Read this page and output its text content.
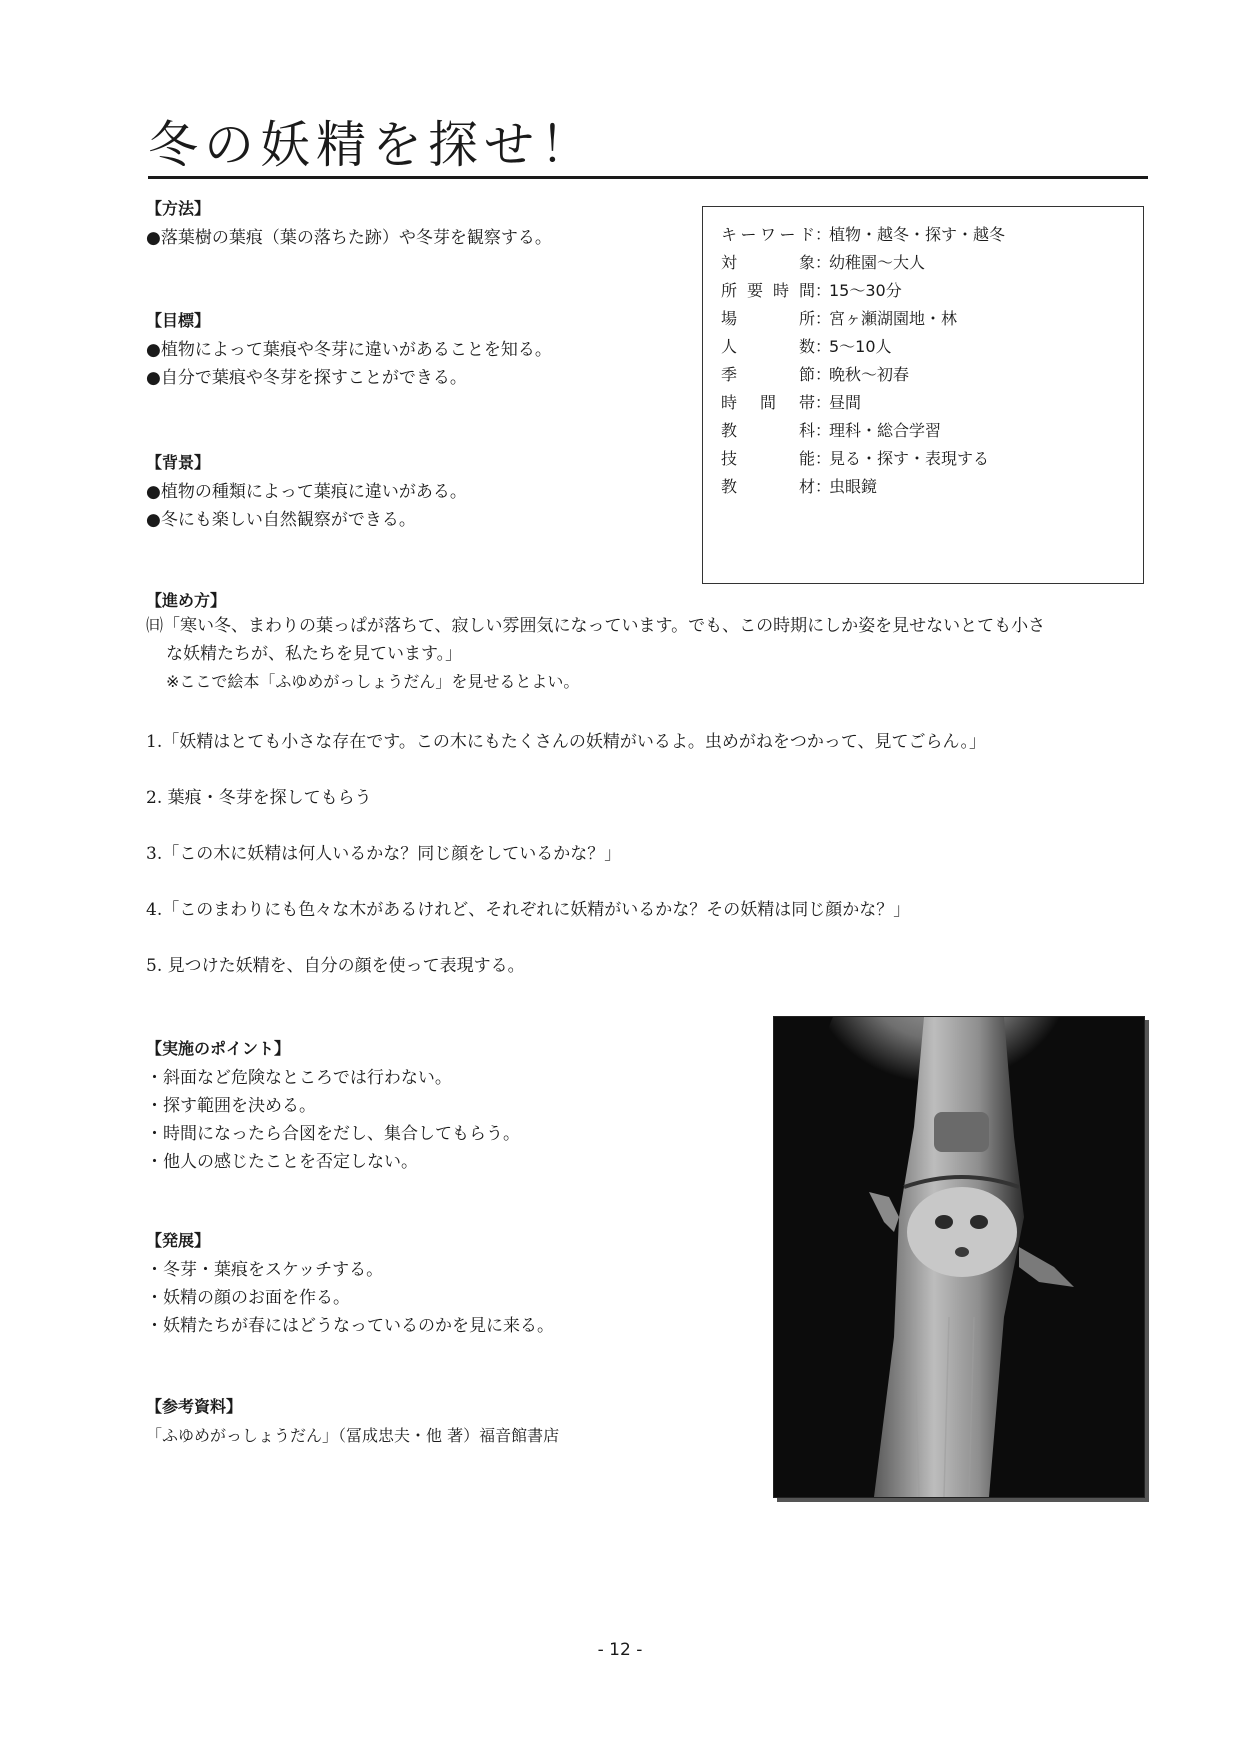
冬の妖精を探せ！
【方法】

● 落葉樹の葉痕（葉の落ちた跡）や冬芽を観察する。

【目標】

● 植物によって葉痕や冬芽に違いがあることを知る。

● 自分で葉痕や冬芽を探すことができる。

【背景】

● 植物の種類によって葉痕に違いがある。

● 冬にも楽しい自然観察ができる。

キーワード ：
植物・越冬・探す・越冬
対象 ：
幼稚園～大人
所要時間 ：
15～30分
場所 ：
宮ヶ瀬湖園地・林
人数 ：
5～10人
季節 ：
晩秋～初春
時間帯 ：
昼間
教科 ：
理科・総合学習
技能 ：
見る・探す・表現する
教材 ：
虫眼鏡
【進め方】

㈰「寒い冬、まわりの葉っぱが落ちて、寂しい雰囲気になっています。でも、この時期にしか姿を見せないとても小さ

な妖精たちが、私たちを見ています。」

※ここで絵本「ふゆめがっしょうだん」を見せるとよい。

1.「妖精はとても小さな存在です。この木にもたくさんの妖精がいるよ。虫めがねをつかって、見てごらん。」

2. 葉痕・冬芽を探してもらう

3.「この木に妖精は何人いるかな？同じ顔をしているかな？」

4.「このまわりにも色々な木があるけれど、それぞれに妖精がいるかな？その妖精は同じ顔かな？」

5. 見つけた妖精を、自分の顔を使って表現する。

【実施のポイント】

・ 斜面など危険なところでは行わない。

・ 探す範囲を決める。

・ 時間になったら合図をだし、集合してもらう。

・ 他人の感じたことを否定しない。

【発展】

・ 冬芽・葉痕をスケッチする。

・ 妖精の顔のお面を作る。

・ 妖精たちが春にはどうなっているのかを見に来る。

【参考資料】

「ふゆめがっしょうだん」（冨成忠夫・他 著）福音館書店

- 12 -
